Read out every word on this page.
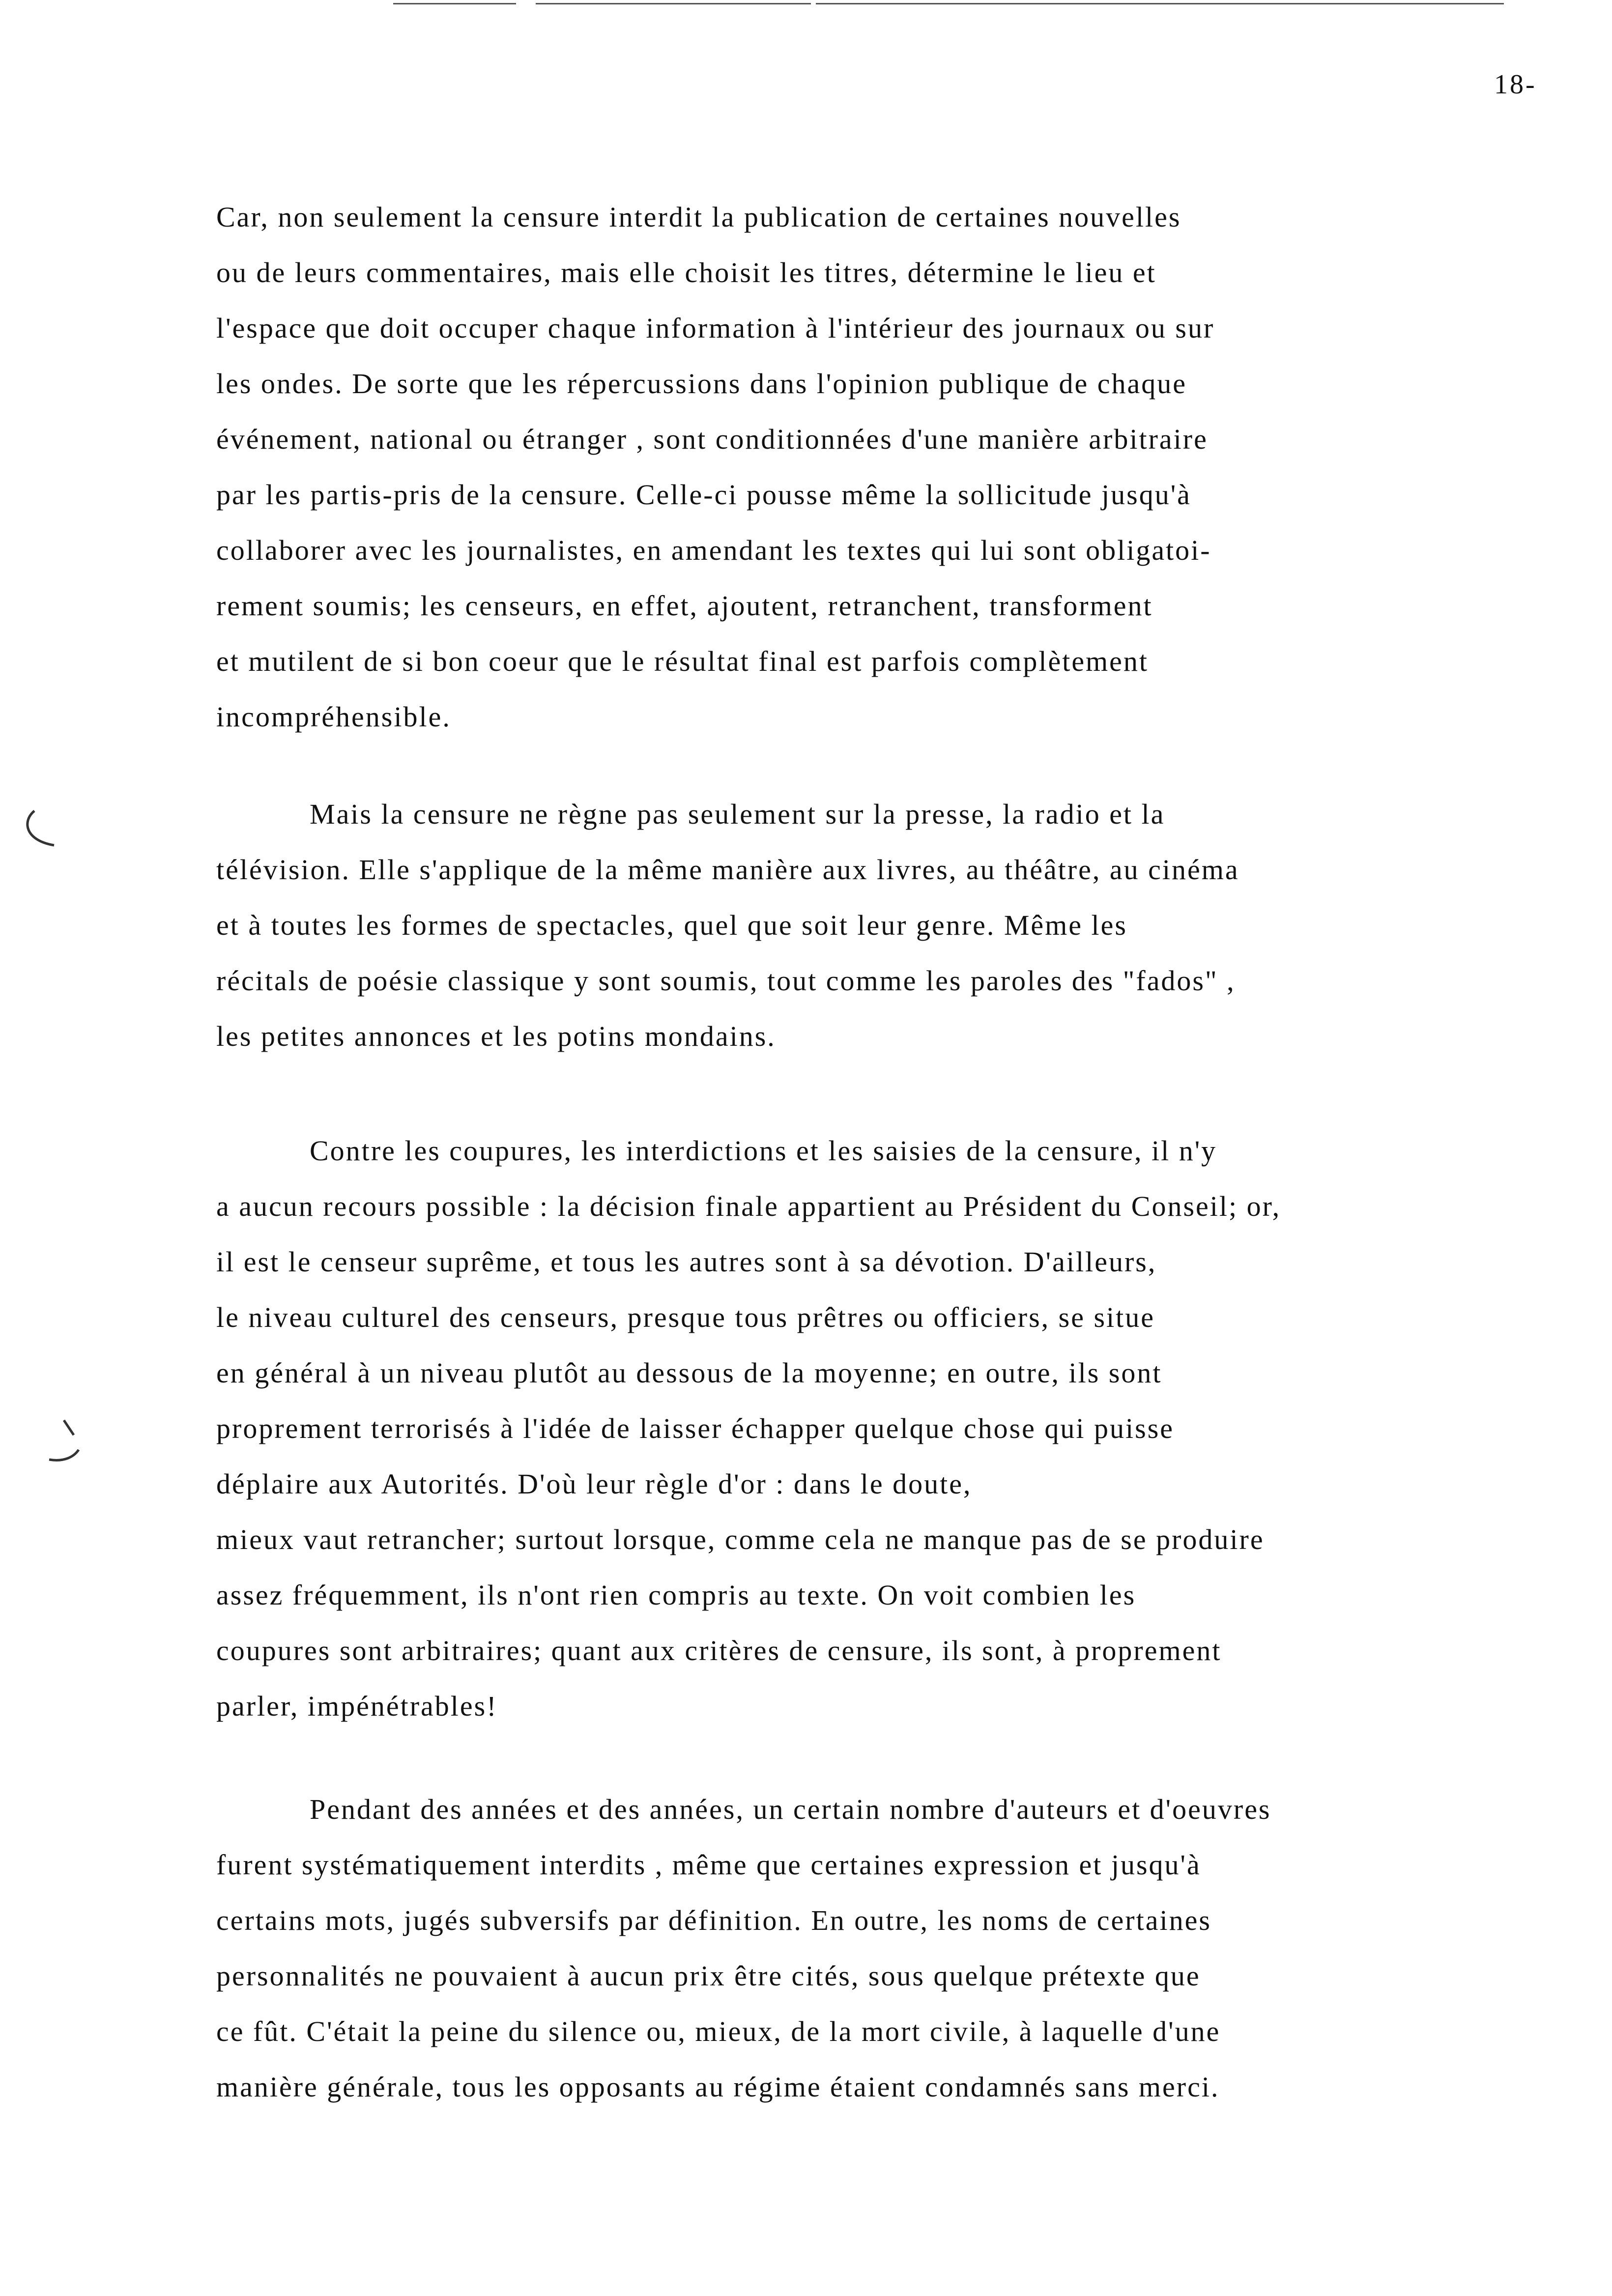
18-
Car, non seulement la censure interdit la publication de certaines nouvelles
ou de leurs commentaires, mais elle choisit les titres, détermine le lieu et
l'espace que doit occuper chaque information à l'intérieur des journaux ou sur
les ondes. De sorte que les répercussions dans l'opinion publique de chaque
événement, national ou étranger , sont conditionnées d'une manière arbitraire
par les partis-pris de la censure. Celle-ci pousse même la sollicitude jusqu'à
collaborer avec les journalistes, en amendant les textes qui lui sont obligatoi-
rement soumis; les censeurs, en effet, ajoutent, retranchent, transforment
et mutilent de si bon coeur que le résultat final est parfois complètement
incompréhensible.
Mais la censure ne règne pas seulement sur la presse, la radio et la
télévision. Elle s'applique de la même manière aux livres, au théâtre, au cinéma
et à toutes les formes de spectacles, quel que soit leur genre. Même les
récitals de poésie classique y sont soumis, tout comme les paroles des "fados" ,
les petites annonces et les potins mondains.
Contre les coupures, les interdictions et les saisies de la censure, il n'y
a aucun recours possible : la décision finale appartient au Président du Conseil; or,
il est le censeur suprême, et tous les autres sont à sa dévotion. D'ailleurs,
le niveau culturel des censeurs, presque tous prêtres ou officiers, se situe
en général à un niveau plutôt au dessous de la moyenne; en outre, ils sont
proprement terrorisés à l'idée de laisser échapper quelque chose qui puisse
déplaire aux Autorités. D'où leur règle d'or : dans le doute,
mieux vaut retrancher; surtout lorsque, comme cela ne manque pas de se produire
assez fréquemment, ils n'ont rien compris au texte. On voit combien les
coupures sont arbitraires; quant aux critères de censure, ils sont, à proprement
parler, impénétrables!
Pendant des années et des années, un certain nombre d'auteurs et d'oeuvres
furent systématiquement interdits , même que certaines expression et jusqu'à
certains mots, jugés subversifs par définition. En outre, les noms de certaines
personnalités ne pouvaient à aucun prix être cités, sous quelque prétexte que
ce fût. C'était la peine du silence ou, mieux, de la mort civile, à laquelle d'une
manière générale, tous les opposants au régime étaient condamnés sans merci.
